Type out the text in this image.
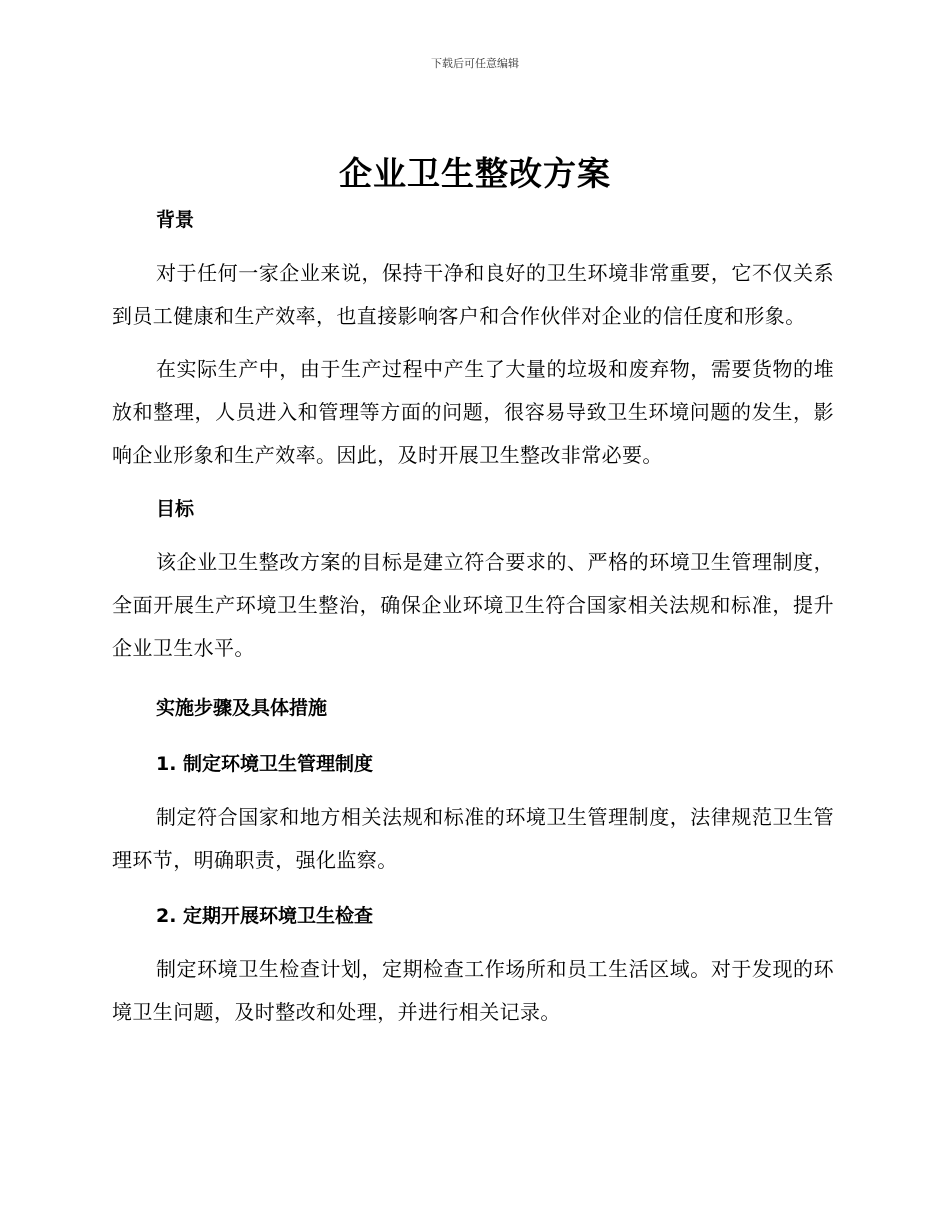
下载后可任意编辑
企业卫生整改方案
背景

对于任何一家企业来说，保持干净和良好的卫生环境非常重要，它不仅关系到员工健康和生产效率，也直接影响客户和合作伙伴对企业的信任度和形象。

在实际生产中，由于生产过程中产生了大量的垃圾和废弃物，需要货物的堆放和整理，人员进入和管理等方面的问题，很容易导致卫生环境问题的发生，影响企业形象和生产效率。因此，及时开展卫生整改非常必要。

目标

该企业卫生整改方案的目标是建立符合要求的、严格的环境卫生管理制度，全面开展生产环境卫生整治，确保企业环境卫生符合国家相关法规和标准，提升企业卫生水平。

实施步骤及具体措施
1. 制定环境卫生管理制度

制定符合国家和地方相关法规和标准的环境卫生管理制度，法律规范卫生管理环节，明确职责，强化监察。

2. 定期开展环境卫生检查

制定环境卫生检查计划，定期检查工作场所和员工生活区域。对于发现的环境卫生问题，及时整改和处理，并进行相关记录。
